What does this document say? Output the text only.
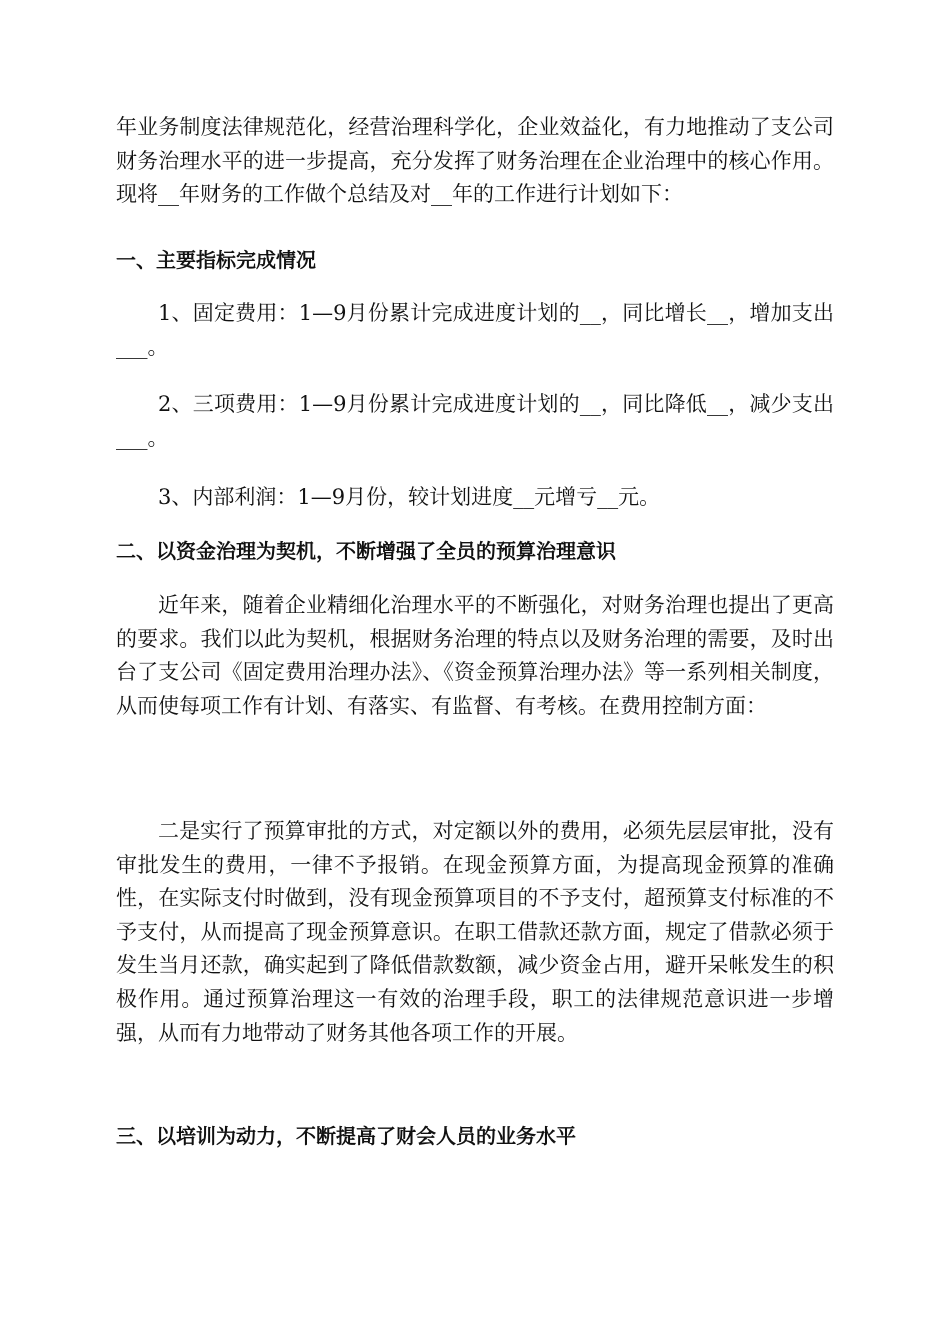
年业务制度法律规范化，经营治理科学化，企业效益化，有力地推动了支公司财务治理水平的进一步提高，充分发挥了财务治理在企业治理中的核心作用。现将__年财务的工作做个总结及对__年的工作进行计划如下：

一、主要指标完成情况

1、固定费用：1—9月份累计完成进度计划的__，同比增长__，增加支出___。

2、三项费用：1—9月份累计完成进度计划的__，同比降低__，减少支出___。

3、内部利润：1—9月份，较计划进度__元增亏__元。

二、以资金治理为契机，不断增强了全员的预算治理意识

近年来，随着企业精细化治理水平的不断强化，对财务治理也提出了更高的要求。我们以此为契机，根据财务治理的特点以及财务治理的需要，及时出台了支公司《固定费用治理办法》、《资金预算治理办法》等一系列相关制度，从而使每项工作有计划、有落实、有监督、有考核。在费用控制方面：

二是实行了预算审批的方式，对定额以外的费用，必须先层层审批，没有审批发生的费用，一律不予报销。在现金预算方面，为提高现金预算的准确性，在实际支付时做到，没有现金预算项目的不予支付，超预算支付标准的不予支付，从而提高了现金预算意识。在职工借款还款方面，规定了借款必须于发生当月还款，确实起到了降低借款数额，减少资金占用，避开呆帐发生的积极作用。通过预算治理这一有效的治理手段，职工的法律规范意识进一步增强，从而有力地带动了财务其他各项工作的开展。

三、以培训为动力，不断提高了财会人员的业务水平
